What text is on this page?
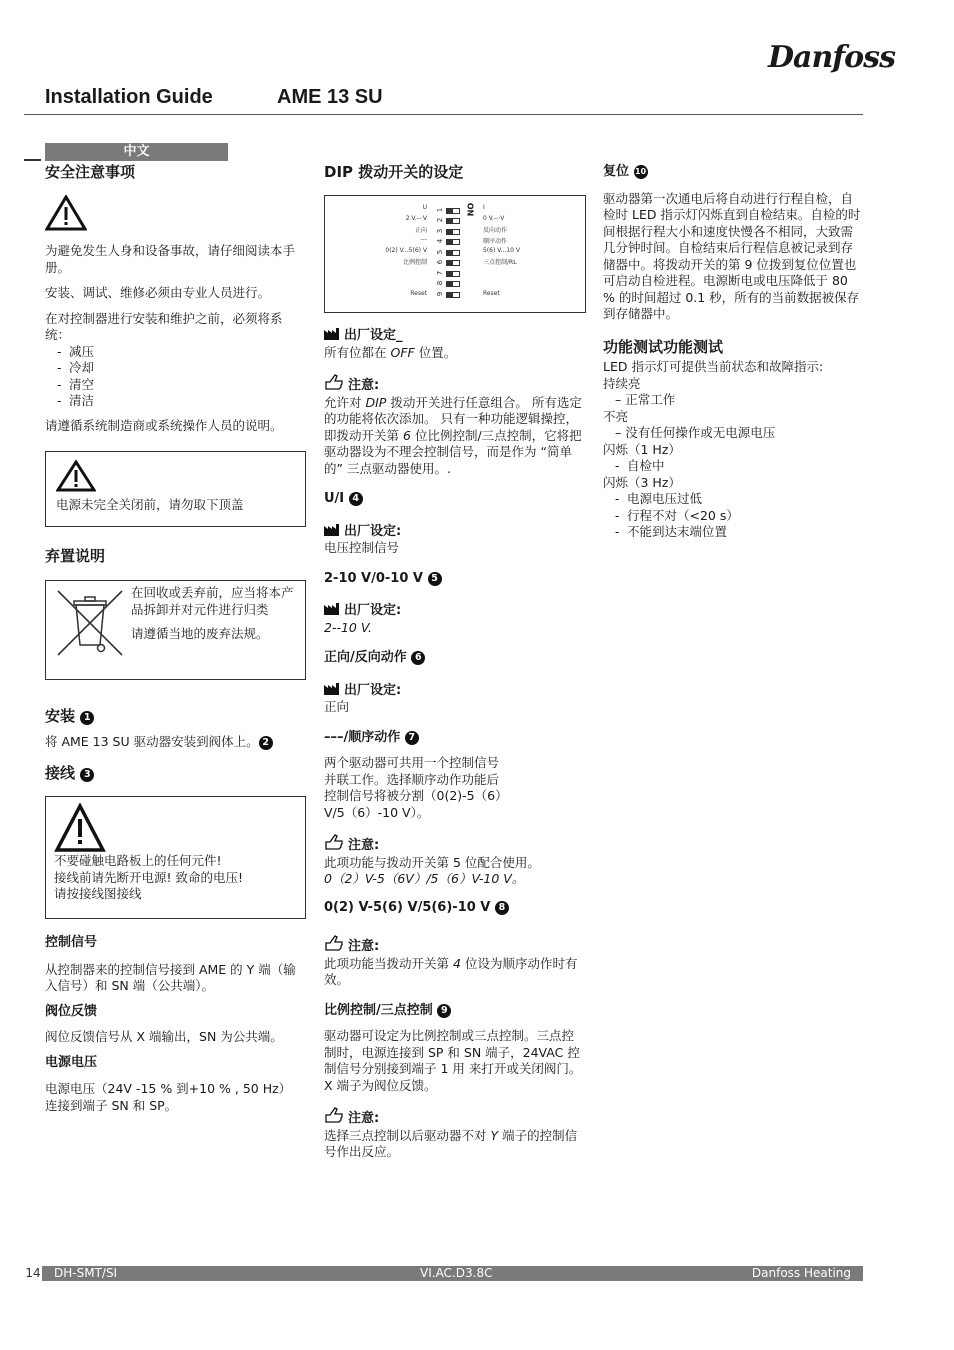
Danfoss
Installation Guide	AME 13 SU
中文

安全注意事项

为避免发生人身和设备事故，请仔细阅读本手册。

安装、调试、维修必须由专业人员进行。

在对控制器进行安装和维护之前，必须将系统：

- 减压
- 冷却
- 清空
- 清洁

请遵循系统制造商或系统操作人员的说明。

电源未完全关闭前，请勿取下顶盖

弃置说明

在回收或丢弃前，应当将本产品拆卸并对元件进行归类

请遵循当地的废弃法规。

安装 1

将 AME 13 SU 驱动器安装到阀体上。 2

接线 3

不要碰触电路板上的任何元件!
接线前请先断开电源! 致命的电压!
请按接线图接线

控制信号

从控制器来的控制信号接到 AME 的 Y 端（输入信号）和 SN 端（公共端）。

阀位反馈

阀位反馈信号从 X 端输出，SN 为公共端。

电源电压

电源电压（24V -15 % 到+10 % , 50 Hz）连接到端子 SN 和 SP。

DIP 拨动开关的设定

U
2 V.--·V
正向
---
0(2) V...5(6) V
比例控制
Reset
I
0 V.--·V
反向动作
顺序动作
5(6) V...10 V
三点控制/RL
Reset
ON
1
2
3
4
5
6
7
8
9

出厂设定_

所有位都在 OFF 位置。

注意:

允许对 DIP 拨动开关进行任意组合。 所有选定的功能将依次添加。 只有一种功能逻辑操控，即拨动开关第 6 位比例控制/三点控制，它将把驱动器设为不理会控制信号，而是作为 “简单的” 三点驱动器使用。.

U/I 4

出厂设定:

电压控制信号

2-10 V/0-10 V 5

出厂设定:

2--10 V.

正向/反向动作 6

出厂设定:

正向

–––/顺序动作 7

两个驱动器可共用一个控制信号并联工作。选择顺序动作功能后控制信号将被分割（0(2)-5（6）V/5（6）-10 V）。

注意:

此项功能与拨动开关第 5 位配合使用。

0（2）V-5（6V）/5（6）V-10 V。

0(2) V-5(6) V/5(6)-10 V 8

注意:

此项功能当拨动开关第 4 位设为顺序动作时有效。

比例控制/三点控制 9

驱动器可设定为比例控制或三点控制。三点控制时，电源连接到 SP 和 SN 端子，24VAC 控制信号分别接到端子 1 用 来打开或关闭阀门。X 端子为阀位反馈。

注意:

选择三点控制以后驱动器不对 Y 端子的控制信号作出反应。

复位 10

驱动器第一次通电后将自动进行行程自检，自检时 LED 指示灯闪烁直到自检结束。自检的时间根据行程大小和速度快慢各不相同，大致需几分钟时间。自检结束后行程信息被记录到存储器中。将拨动开关的第 9 位拨到复位位置也可启动自检进程。电源断电或电压降低于 80 % 的时间超过 0.1 秒，所有的当前数据被保存到存储器中。

功能测试功能测试

LED 指示灯可提供当前状态和故障指示:

持续亮

– 正常工作

不亮

– 没有任何操作或无电源电压

闪烁（1 Hz）

- 自检中

闪烁（3 Hz）

- 电源电压过低
- 行程不对（<20 s）
- 不能到达末端位置
14 DH-SMT/SI	VI.AC.D3.8C	Danfoss Heating
